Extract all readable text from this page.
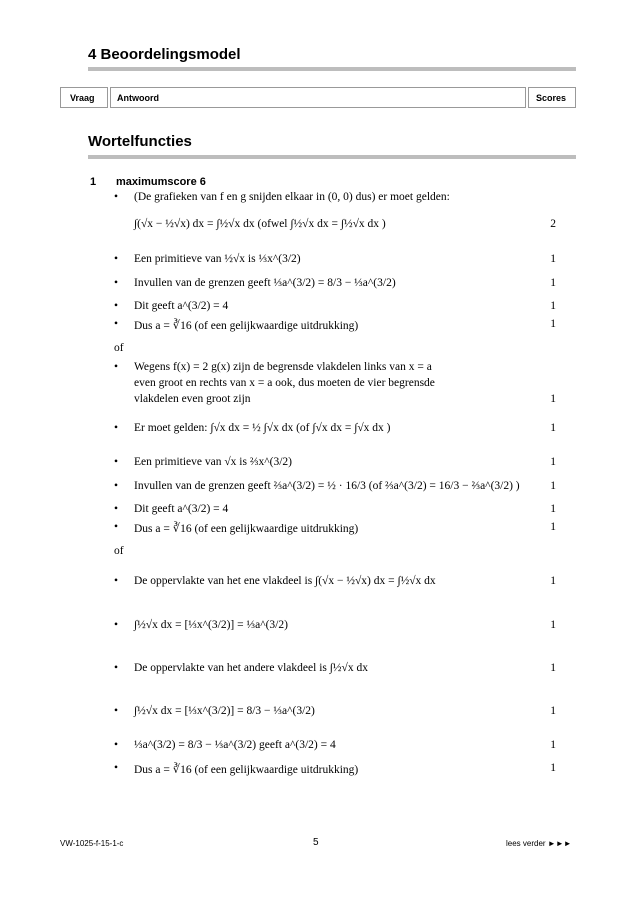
4 Beoordelingsmodel
Vraag	Antwoord	Scores
Wortelfuncties
1 maximumscore 6
• (De grafieken van f en g snijden elkaar in (0, 0) dus) er moet gelden:
∫(√x − ½√x) dx = ∫½√x dx (ofwel ∫½√x dx = ∫½√x dx )	2
• Een primitieve van ½√x is ⅓x^(3/2)	1
• Invullen van de grenzen geeft ⅓a^(3/2) = 8/3 − ⅓a^(3/2)	1
• Dit geeft a^(3/2) = 4	1
• Dus a = ∛16 (of een gelijkwaardige uitdrukking)	1
of
• Wegens f(x) = 2 g(x) zijn de begrensde vlakdelen links van x = a
even groot en rechts van x = a ook, dus moeten de vier begrensde
vlakdelen even groot zijn	1
• Er moet gelden: ∫√x dx = ½ ∫√x dx (of ∫√x dx = ∫√x dx )	1
• Een primitieve van √x is ⅔x^(3/2)	1
• Invullen van de grenzen geeft ⅔a^(3/2) = ½ · 16/3 (of ⅔a^(3/2) = 16/3 − ⅔a^(3/2) )	1
• Dit geeft a^(3/2) = 4	1
• Dus a = ∛16 (of een gelijkwaardige uitdrukking)	1
of
• De oppervlakte van het ene vlakdeel is ∫(√x − ½√x) dx = ∫½√x dx	1
• ∫½√x dx = [⅓x^(3/2)] = ⅓a^(3/2)	1
• De oppervlakte van het andere vlakdeel is ∫½√x dx	1
• ∫½√x dx = [⅓x^(3/2)] = 8/3 − ⅓a^(3/2)	1
• ⅓a^(3/2) = 8/3 − ⅓a^(3/2) geeft a^(3/2) = 4	1
• Dus a = ∛16 (of een gelijkwaardige uitdrukking)	1
VW-1025-f-15-1-c	5	lees verder ►►►
